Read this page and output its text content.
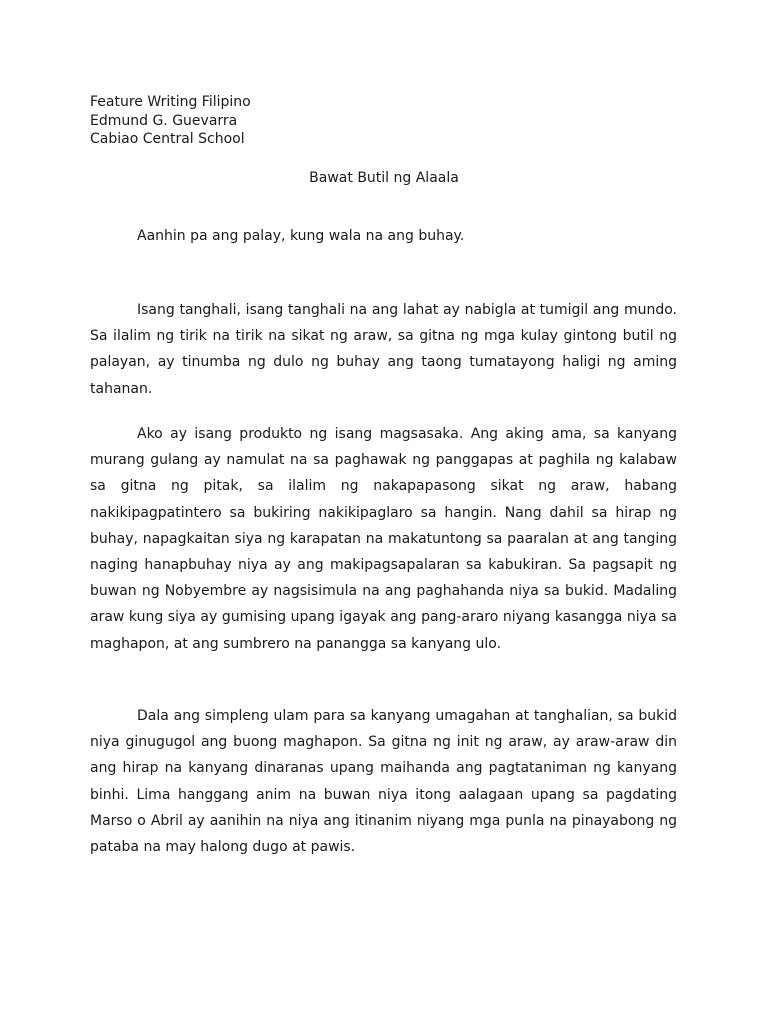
Feature Writing Filipino
Edmund G. Guevarra
Cabiao Central School
Bawat Butil ng Alaala
Aanhin pa ang palay, kung wala na ang buhay.

Isang tanghali, isang tanghali na ang lahat ay nabigla at tumigil ang mundo. Sa ilalim ng tirik na tirik na sikat ng araw, sa gitna ng mga kulay gintong butil ng palayan, ay tinumba ng dulo ng buhay ang taong tumatayong haligi ng aming tahanan.

Ako ay isang produkto ng isang magsasaka. Ang aking ama, sa kanyang murang gulang ay namulat na sa paghawak ng panggapas at paghila ng kalabaw sa gitna ng pitak, sa ilalim ng nakapapasong sikat ng araw, habang nakikipagpatintero sa bukiring nakikipaglaro sa hangin. Nang dahil sa hirap ng buhay, napagkaitan siya ng karapatan na makatuntong sa paaralan at ang tanging naging hanapbuhay niya ay ang makipagsapalaran sa kabukiran. Sa pagsapit ng buwan ng Nobyembre ay nagsisimula na ang paghahanda niya sa bukid. Madaling araw kung siya ay gumising upang igayak ang pang-araro niyang kasangga niya sa maghapon, at ang sumbrero na panangga sa kanyang ulo.

Dala ang simpleng ulam para sa kanyang umagahan at tanghalian, sa bukid niya ginugugol ang buong maghapon. Sa gitna ng init ng araw, ay araw-araw din ang hirap na kanyang dinaranas upang maihanda ang pagtataniman ng kanyang binhi. Lima hanggang anim na buwan niya itong aalagaan upang sa pagdating Marso o Abril ay aanihin na niya ang itinanim niyang mga punla na pinayabong ng pataba na may halong dugo at pawis.
